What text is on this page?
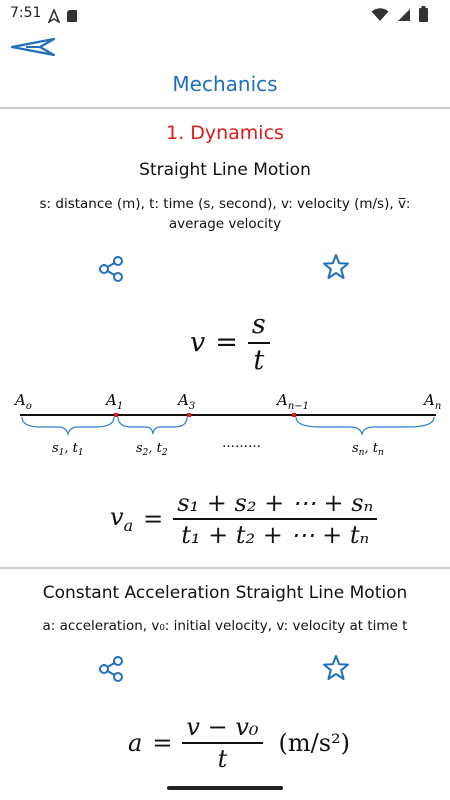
7:51
Mechanics
1. Dynamics
Straight Line Motion
s: distance (m), t: time (s, second), v: velocity (m/s), v̅: average velocity
$v = \frac{s}{t}$
$A_o$	$A_1$	$A_3$	$A_{n-1}$	$A_n$
$s_1$, $t_1$	$s_2$, $t_2$	$s_n$, $t_n$
………
$v_a = \frac{\text{s₁ + s₂ + ⋯ + sₙ}}{\text{t₁ + t₂ + ⋯ + tₙ}}$
Constant Acceleration Straight Line Motion
a: acceleration, v₀: initial velocity, v: velocity at time t
$a = \frac{\text{v − v₀}}{t} (m/s^2)$
